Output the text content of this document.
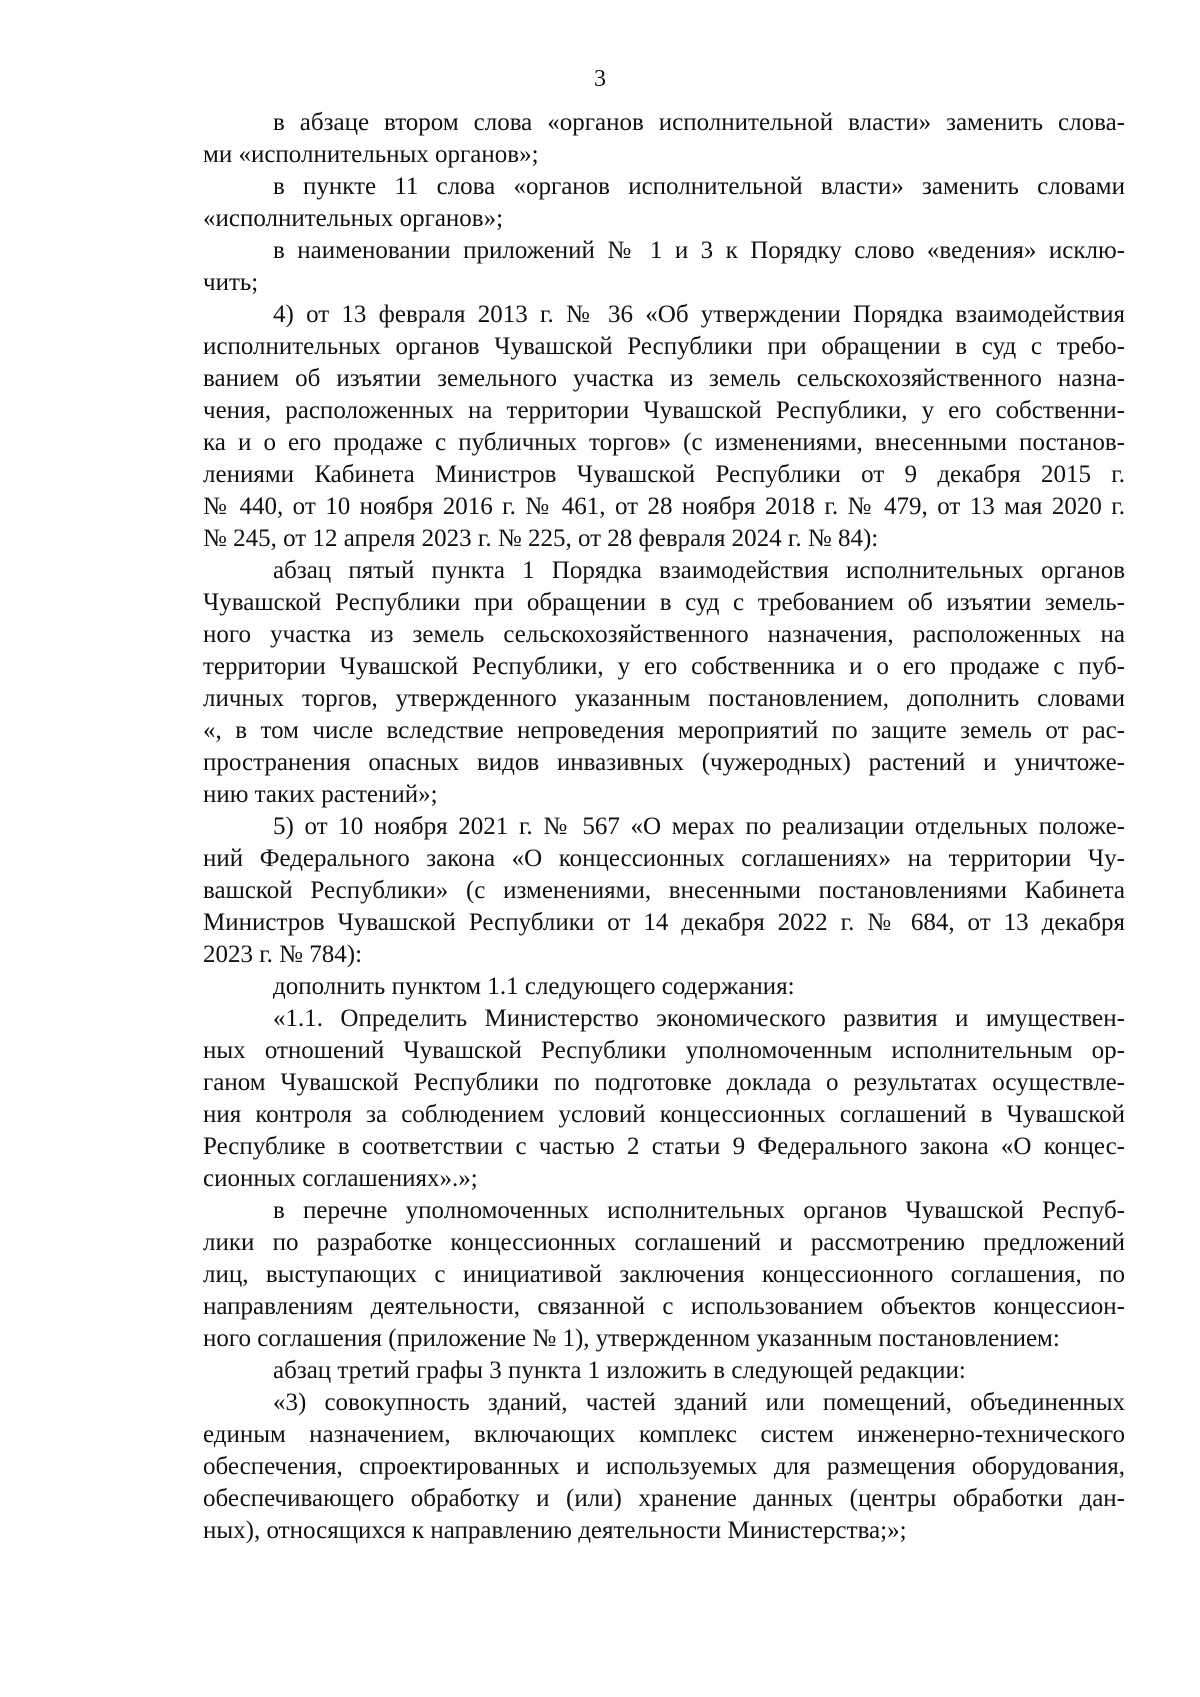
3
в абзаце втором слова «органов исполнительной власти» заменить слова-
ми «исполнительных органов»;
в пункте 11 слова «органов исполнительной власти» заменить словами
«исполнительных органов»;
в наименовании приложений № 1 и 3 к Порядку слово «ведения» исклю-
чить;
4) от 13 февраля 2013 г. № 36 «Об утверждении Порядка взаимодействия
исполнительных органов Чувашской Республики при обращении в суд с требо-
ванием об изъятии земельного участка из земель сельскохозяйственного назна-
чения, расположенных на территории Чувашской Республики, у его собственни-
ка и о его продаже с публичных торгов» (с изменениями, внесенными постанов-
лениями Кабинета Министров Чувашской Республики от 9 декабря 2015 г.
№ 440, от 10 ноября 2016 г. № 461, от 28 ноября 2018 г. № 479, от 13 мая 2020 г.
№ 245, от 12 апреля 2023 г. № 225, от 28 февраля 2024 г. № 84):
абзац пятый пункта 1 Порядка взаимодействия исполнительных органов
Чувашской Республики при обращении в суд с требованием об изъятии земель-
ного участка из земель сельскохозяйственного назначения, расположенных на
территории Чувашской Республики, у его собственника и о его продаже с пуб-
личных торгов, утвержденного указанным постановлением, дополнить словами
«, в том числе вследствие непроведения мероприятий по защите земель от рас-
пространения опасных видов инвазивных (чужеродных) растений и уничтоже-
нию таких растений»;
5) от 10 ноября 2021 г. № 567 «О мерах по реализации отдельных положе-
ний Федерального закона «О концессионных соглашениях» на территории Чу-
вашской Республики» (с изменениями, внесенными постановлениями Кабинета
Министров Чувашской Республики от 14 декабря 2022 г. № 684, от 13 декабря
2023 г. № 784):
дополнить пунктом 1.1 следующего содержания:
«1.1. Определить Министерство экономического развития и имуществен-
ных отношений Чувашской Республики уполномоченным исполнительным ор-
ганом Чувашской Республики по подготовке доклада о результатах осуществле-
ния контроля за соблюдением условий концессионных соглашений в Чувашской
Республике в соответствии с частью 2 статьи 9 Федерального закона «О концес-
сионных соглашениях».»;
в перечне уполномоченных исполнительных органов Чувашской Респуб-
лики по разработке концессионных соглашений и рассмотрению предложений
лиц, выступающих с инициативой заключения концессионного соглашения, по
направлениям деятельности, связанной с использованием объектов концессион-
ного соглашения (приложение № 1), утвержденном указанным постановлением:
абзац третий графы 3 пункта 1 изложить в следующей редакции:
«3) совокупность зданий, частей зданий или помещений, объединенных
единым назначением, включающих комплекс систем инженерно-технического
обеспечения, спроектированных и используемых для размещения оборудования,
обеспечивающего обработку и (или) хранение данных (центры обработки дан-
ных), относящихся к направлению деятельности Министерства;»;
